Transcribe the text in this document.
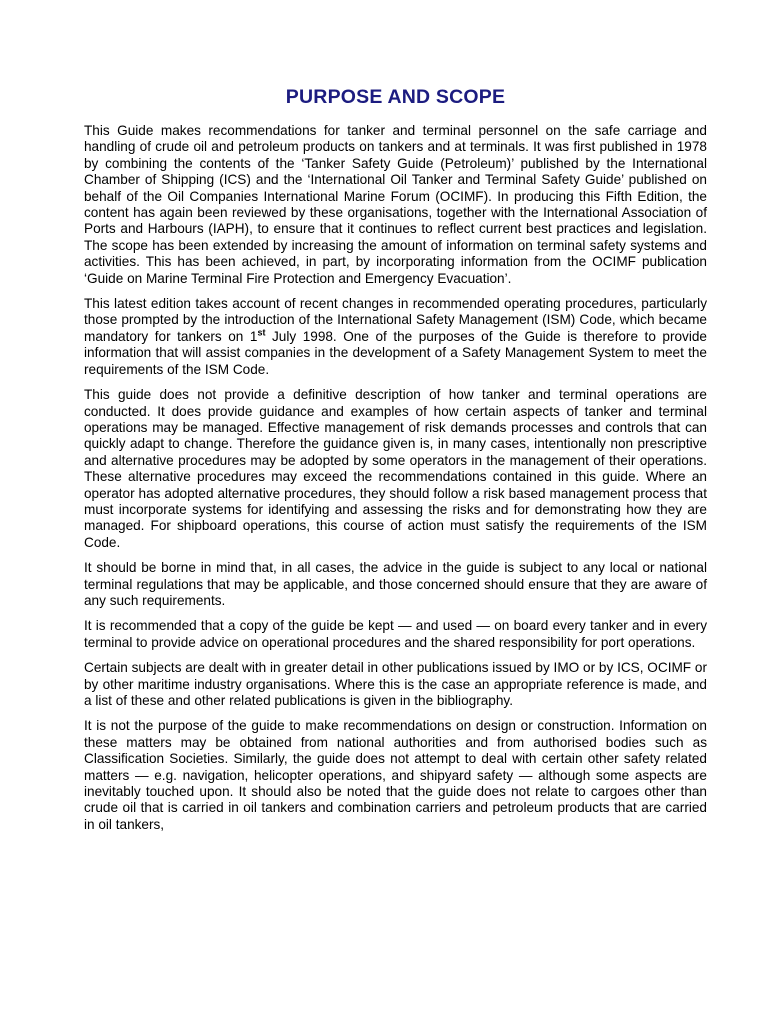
PURPOSE AND SCOPE

This Guide makes recommendations for tanker and terminal personnel on the safe carriage and handling of crude oil and petroleum products on tankers and at terminals. It was first published in 1978 by combining the contents of the ‘Tanker Safety Guide (Petroleum)’ published by the International Chamber of Shipping (ICS) and the ‘International Oil Tanker and Terminal Safety Guide’ published on behalf of the Oil Companies International Marine Forum (OCIMF). In producing this Fifth Edition, the content has again been reviewed by these organisations, together with the International Association of Ports and Harbours (IAPH), to ensure that it continues to reflect current best practices and legislation. The scope has been extended by increasing the amount of information on terminal safety systems and activities. This has been achieved, in part, by incorporating information from the OCIMF publication ‘Guide on Marine Terminal Fire Protection and Emergency Evacuation’.

This latest edition takes account of recent changes in recommended operating procedures, particularly those prompted by the introduction of the International Safety Management (ISM) Code, which became mandatory for tankers on 1st July 1998. One of the purposes of the Guide is therefore to provide information that will assist companies in the development of a Safety Management System to meet the requirements of the ISM Code.

This guide does not provide a definitive description of how tanker and terminal operations are conducted. It does provide guidance and examples of how certain aspects of tanker and terminal operations may be managed. Effective management of risk demands processes and controls that can quickly adapt to change. Therefore the guidance given is, in many cases, intentionally non prescriptive and alternative procedures may be adopted by some operators in the management of their operations. These alternative procedures may exceed the recommendations contained in this guide. Where an operator has adopted alternative procedures, they should follow a risk based management process that must incorporate systems for identifying and assessing the risks and for demonstrating how they are managed. For shipboard operations, this course of action must satisfy the requirements of the ISM Code.

It should be borne in mind that, in all cases, the advice in the guide is subject to any local or national terminal regulations that may be applicable, and those concerned should ensure that they are aware of any such requirements.

It is recommended that a copy of the guide be kept — and used — on board every tanker and in every terminal to provide advice on operational procedures and the shared responsibility for port operations.

Certain subjects are dealt with in greater detail in other publications issued by IMO or by ICS, OCIMF or by other maritime industry organisations. Where this is the case an appropriate reference is made, and a list of these and other related publications is given in the bibliography.

It is not the purpose of the guide to make recommendations on design or construction. Information on these matters may be obtained from national authorities and from authorised bodies such as Classification Societies. Similarly, the guide does not attempt to deal with certain other safety related matters — e.g. navigation, helicopter operations, and shipyard safety — although some aspects are inevitably touched upon. It should also be noted that the guide does not relate to cargoes other than crude oil that is carried in oil tankers and combination carriers and petroleum products that are carried in oil tankers,
